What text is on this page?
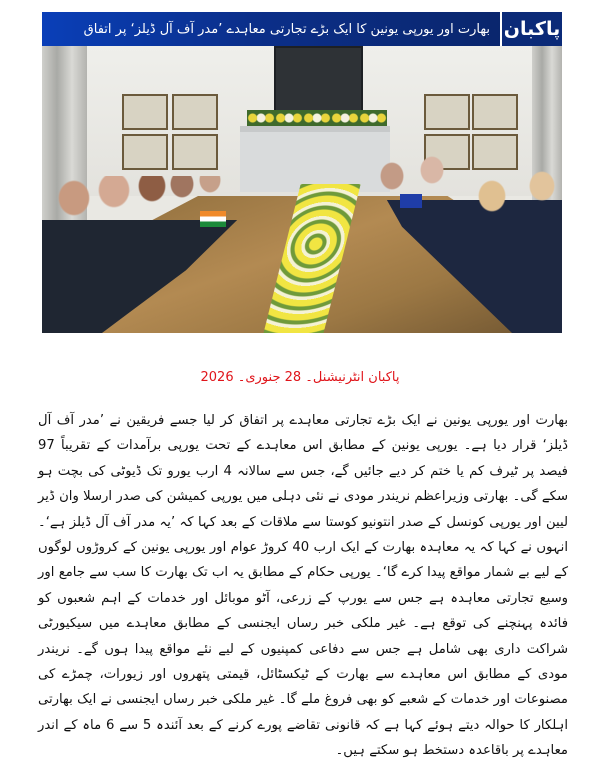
پاکبان
بھارت اور یورپی یونین کا ایک بڑے تجارتی معاہدے ’مدر آف آل ڈیلز‘ پر اتفاق
پاکبان انٹرنیشنل۔ 28 جنوری۔ 2026

بھارت اور یورپی یونین نے ایک بڑے تجارتی معاہدے پر اتفاق کر لیا جسے فریقین نے ’مدر آف آل ڈیلز‘ قرار دیا ہے۔ یورپی یونین کے مطابق اس معاہدے کے تحت یورپی برآمدات کے تقریباً 97 فیصد پر ٹیرف کم یا ختم کر دیے جائیں گے، جس سے سالانہ 4 ارب یورو تک ڈیوٹی کی بچت ہو سکے گی۔ بھارتی وزیراعظم نریندر مودی نے نئی دہلی میں یورپی کمیشن کی صدر ارسلا وان ڈیر لیین اور یورپی کونسل کے صدر انتونیو کوستا سے ملاقات کے بعد کہا کہ ’یہ مدر آف آل ڈیلز ہے‘۔ انہوں نے کہا کہ یہ معاہدہ بھارت کے ایک ارب 40 کروڑ عوام اور یورپی یونین کے کروڑوں لوگوں کے لیے بے شمار مواقع پیدا کرے گا‘۔ یورپی حکام کے مطابق یہ اب تک بھارت کا سب سے جامع اور وسیع تجارتی معاہدہ ہے جس سے یورپ کے زرعی، آٹو موبائل اور خدمات کے اہم شعبوں کو فائدہ پہنچنے کی توقع ہے۔ غیر ملکی خبر رساں ایجنسی کے مطابق معاہدے میں سیکیورٹی شراکت داری بھی شامل ہے جس سے دفاعی کمپنیوں کے لیے نئے مواقع پیدا ہوں گے۔ نریندر مودی کے مطابق اس معاہدے سے بھارت کے ٹیکسٹائل، قیمتی پتھروں اور زیورات، چمڑے کی مصنوعات اور خدمات کے شعبے کو بھی فروغ ملے گا۔ غیر ملکی خبر رساں ایجنسی نے ایک بھارتی اہلکار کا حوالہ دیتے ہوئے کہا ہے کہ قانونی تقاضے پورے کرنے کے بعد آئندہ 5 سے 6 ماہ کے اندر معاہدے پر باقاعدہ دستخط ہو سکتے ہیں۔
